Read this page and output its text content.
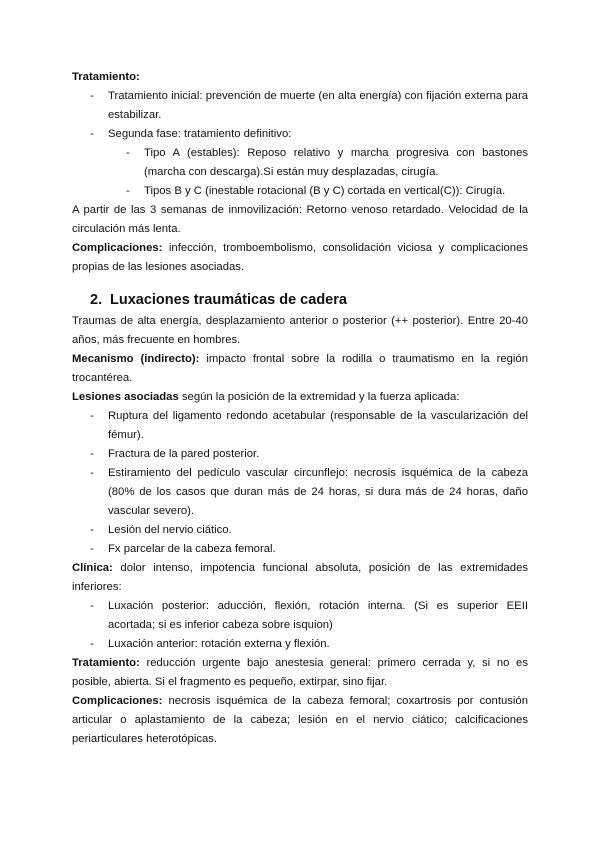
Tratamiento:

- Tratamiento inicial: prevención de muerte (en alta energía) con fijación externa para estabilizar.
- Segunda fase: tratamiento definitivo:
- Tipo A (estables): Reposo relativo y marcha progresiva con bastones (marcha con descarga).Si están muy desplazadas, cirugía.
- Tipos B y C (inestable rotacional (B y C) cortada en vertical(C)): Cirugía.

A partir de las 3 semanas de inmovilización: Retorno venoso retardado. Velocidad de la circulación más lenta.

Complicaciones: infección, tromboembolismo, consolidación viciosa y complicaciones propias de las lesiones asociadas.

2. Luxaciones traumáticas de cadera

Traumas de alta energía, desplazamiento anterior o posterior (++ posterior). Entre 20-40 años, más frecuente en hombres.

Mecanismo (indirecto): impacto frontal sobre la rodilla o traumatismo en la región trocantérea.

Lesiones asociadas según la posición de la extremidad y la fuerza aplicada:

- Ruptura del ligamento redondo acetabular (responsable de la vascularización del fémur).
- Fractura de la pared posterior.
- Estiramiento del pedículo vascular circunflejo: necrosis isquémica de la cabeza (80% de los casos que duran más de 24 horas, si dura más de 24 horas, daño vascular severo).
- Lesión del nervio ciático.
- Fx parcelar de la cabeza femoral.

Clínica: dolor intenso, impotencia funcional absoluta, posición de las extremidades inferiores:

- Luxación posterior: aducción, flexión, rotación interna. (Si es superior EEII acortada; si es inferior cabeza sobre isquion)
- Luxación anterior: rotación externa y flexión.

Tratamiento: reducción urgente bajo anestesia general: primero cerrada y, si no es posible, abierta. Si el fragmento es pequeño, extirpar, sino fijar.

Complicaciones: necrosis isquémica de la cabeza femoral; coxartrosis por contusión articular o aplastamiento de la cabeza; lesión en el nervio ciático; calcificaciones periarticulares heterotópicas.
